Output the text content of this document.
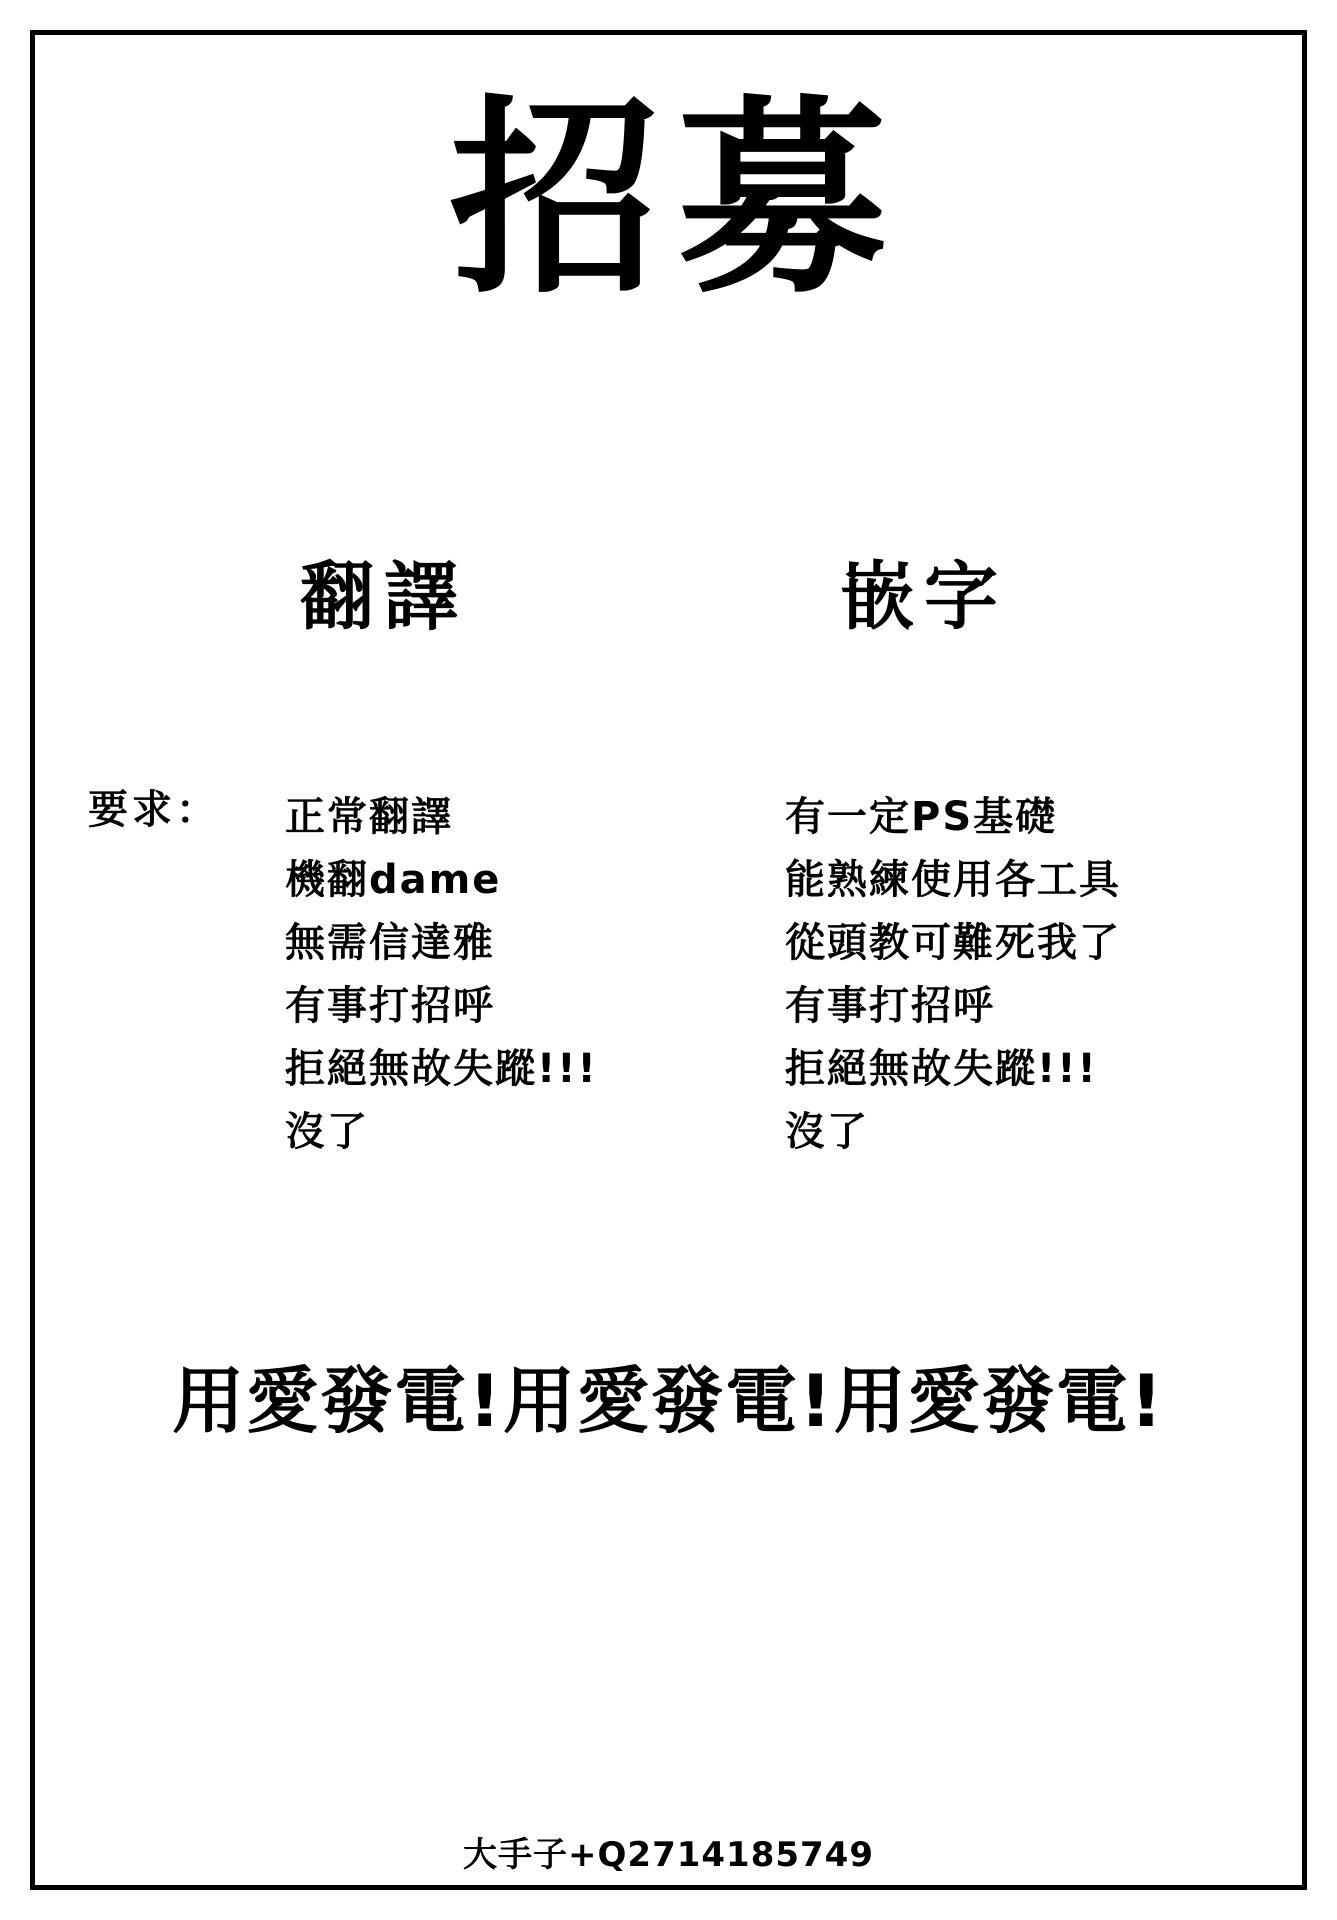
招募
翻譯	嵌字
要求： 正常翻譯
機翻dame
無需信達雅
有事打招呼
拒絕無故失蹤!!!
沒了
有一定PS基礎
能熟練使用各工具
從頭教可難死我了
有事打招呼
拒絕無故失蹤!!!
沒了
用愛發電!用愛發電!用愛發電!
大手子+Q2714185749
